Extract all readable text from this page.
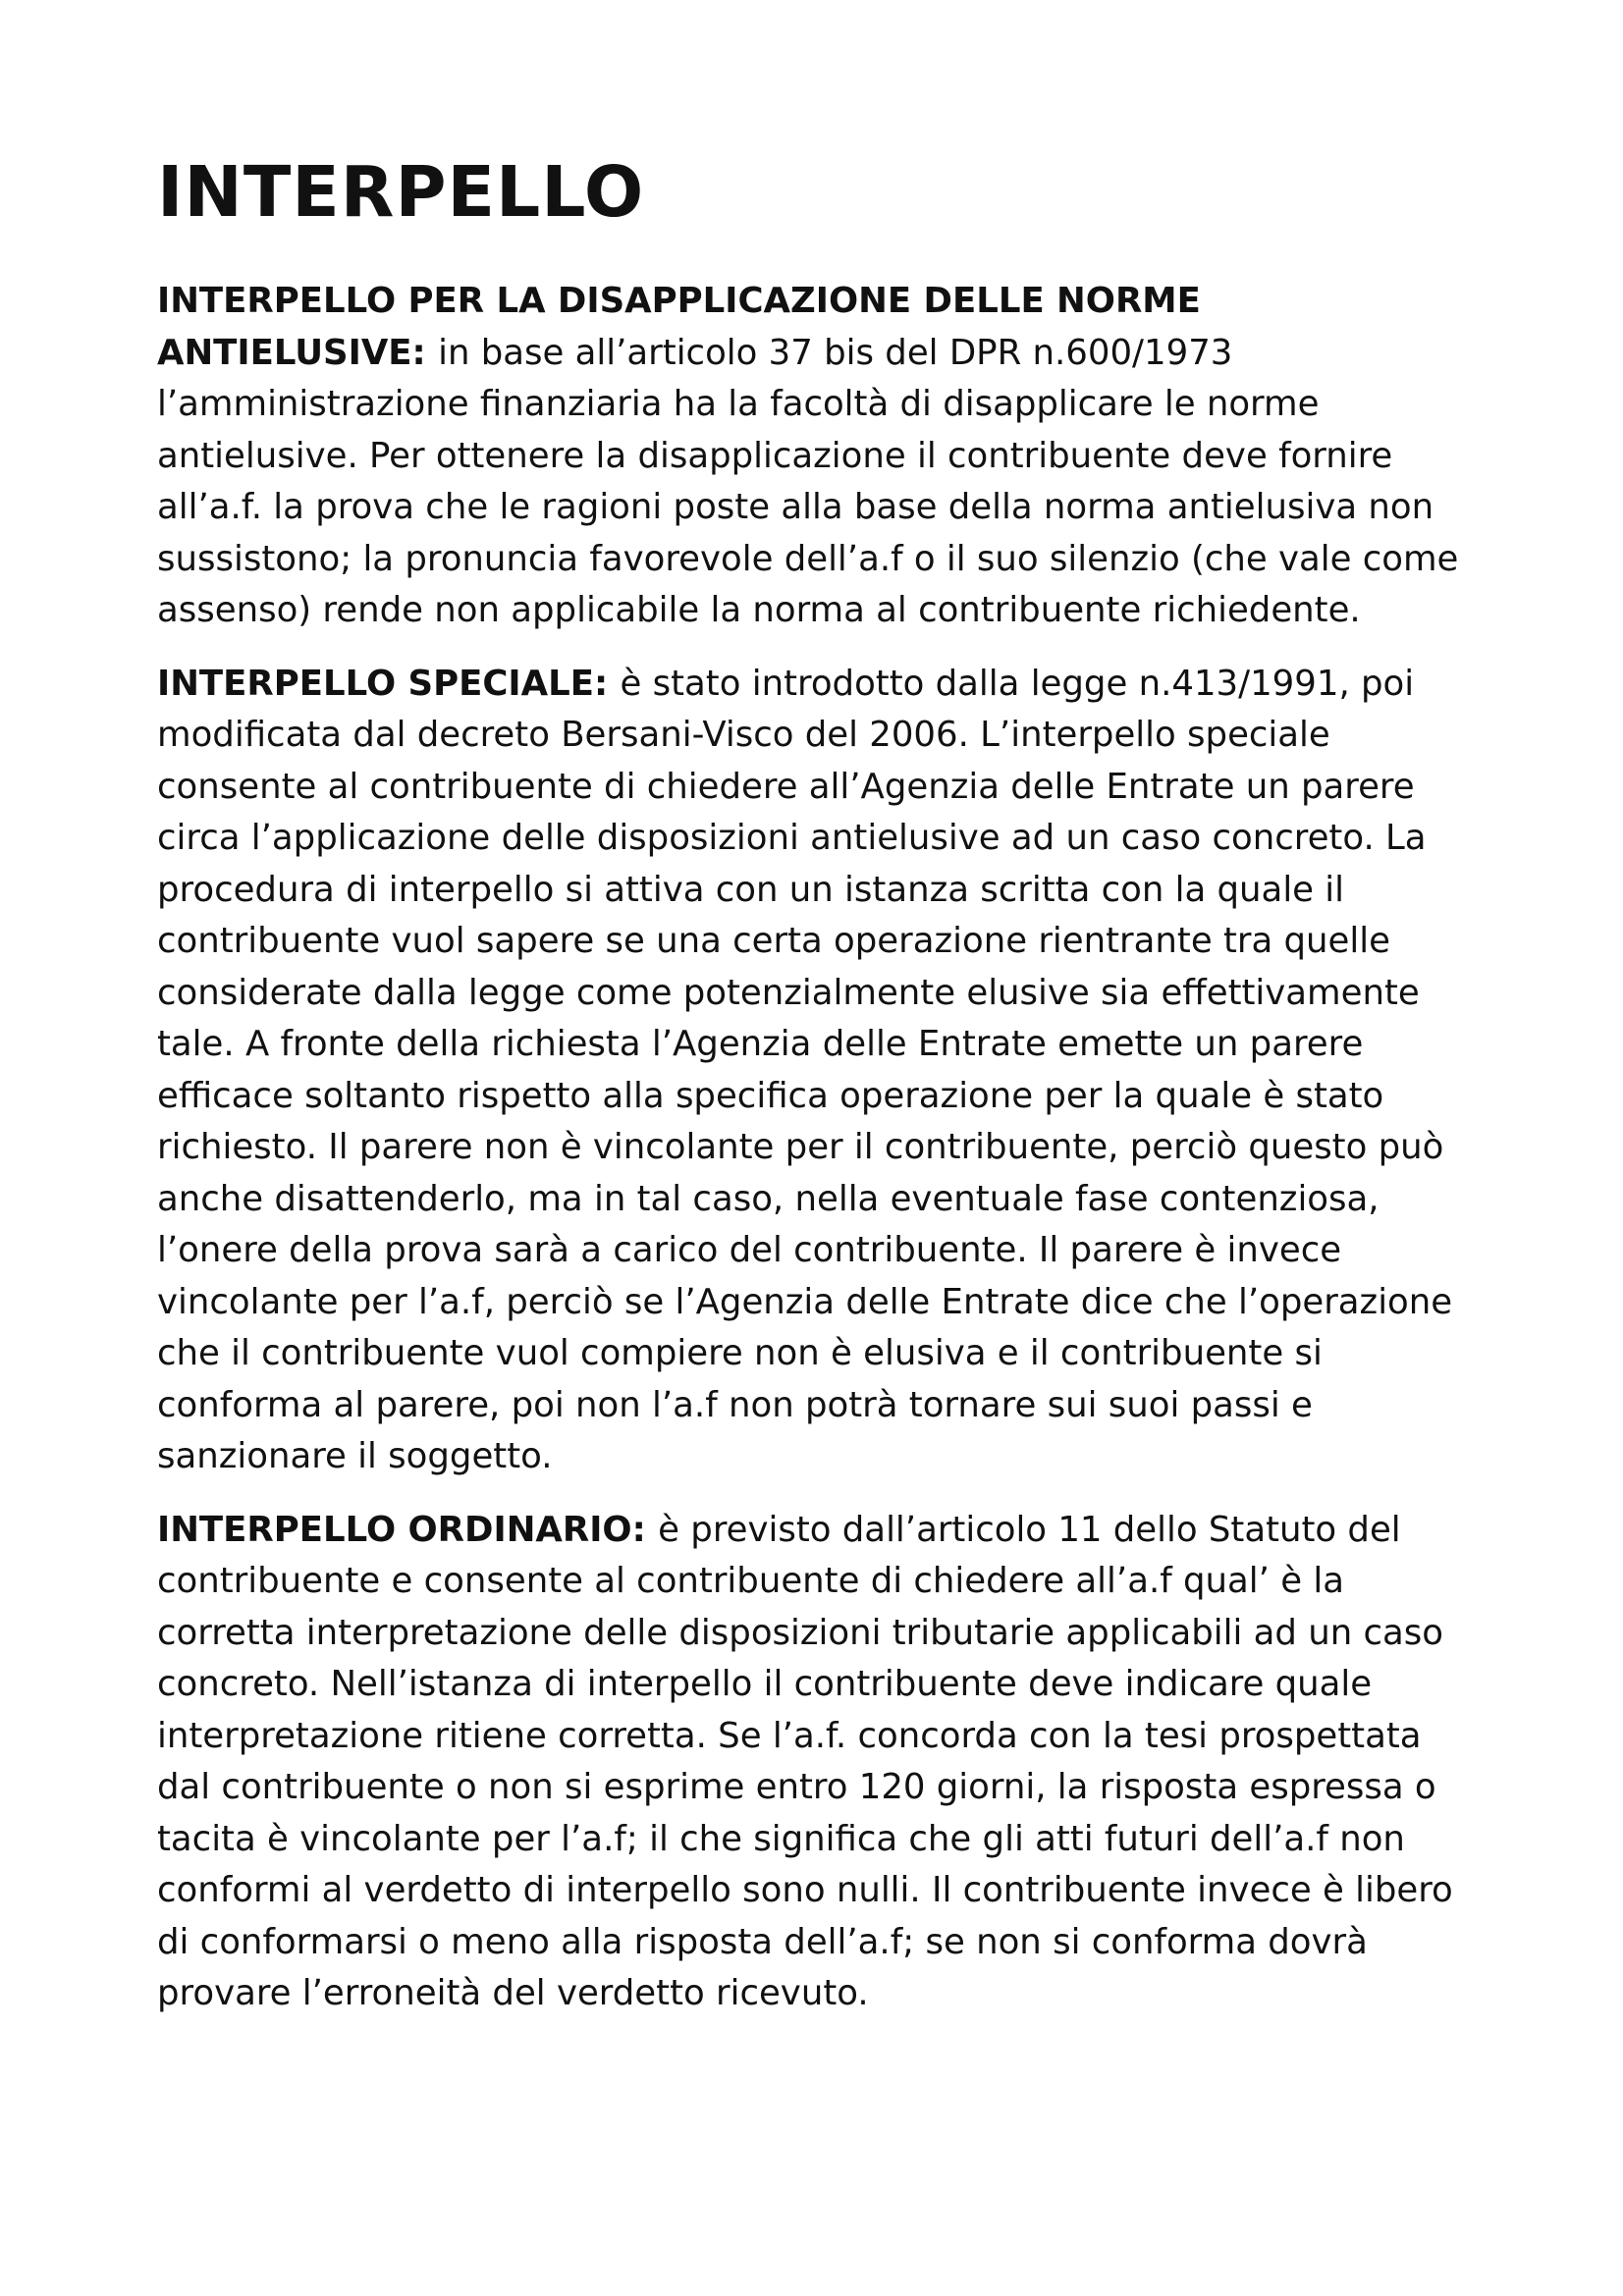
INTERPELLO

INTERPELLO PER LA DISAPPLICAZIONE DELLE NORME ANTIELUSIVE: in base all’articolo 37 bis del DPR n.600/1973 l’amministrazione finanziaria ha la facoltà di disapplicare le norme antielusive. Per ottenere la disapplicazione il contribuente deve fornire all’a.f. la prova che le ragioni poste alla base della norma antielusiva non sussistono; la pronuncia favorevole dell’a.f o il suo silenzio (che vale come assenso) rende non applicabile la norma al contribuente richiedente.

INTERPELLO SPECIALE: è stato introdotto dalla legge n.413/1991, poi modificata dal decreto Bersani-Visco del 2006. L’interpello speciale consente al contribuente di chiedere all’Agenzia delle Entrate un parere circa l’applicazione delle disposizioni antielusive ad un caso concreto. La procedura di interpello si attiva con un istanza scritta con la quale il contribuente vuol sapere se una certa operazione rientrante tra quelle considerate dalla legge come potenzialmente elusive sia effettivamente tale. A fronte della richiesta l’Agenzia delle Entrate emette un parere efficace soltanto rispetto alla specifica operazione per la quale è stato richiesto. Il parere non è vincolante per il contribuente, perciò questo può anche disattenderlo, ma in tal caso, nella eventuale fase contenziosa, l’onere della prova sarà a carico del contribuente. Il parere è invece vincolante per l’a.f, perciò se l’Agenzia delle Entrate dice che l’operazione che il contribuente vuol compiere non è elusiva e il contribuente si conforma al parere, poi non l’a.f non potrà tornare sui suoi passi e sanzionare il soggetto.

INTERPELLO ORDINARIO: è previsto dall’articolo 11 dello Statuto del contribuente e consente al contribuente di chiedere all’a.f qual’ è la corretta interpretazione delle disposizioni tributarie applicabili ad un caso concreto. Nell’istanza di interpello il contribuente deve indicare quale interpretazione ritiene corretta. Se l’a.f. concorda con la tesi prospettata dal contribuente o non si esprime entro 120 giorni, la risposta espressa o tacita è vincolante per l’a.f; il che significa che gli atti futuri dell’a.f non conformi al verdetto di interpello sono nulli. Il contribuente invece è libero di conformarsi o meno alla risposta dell’a.f; se non si conforma dovrà provare l’erroneità del verdetto ricevuto.
